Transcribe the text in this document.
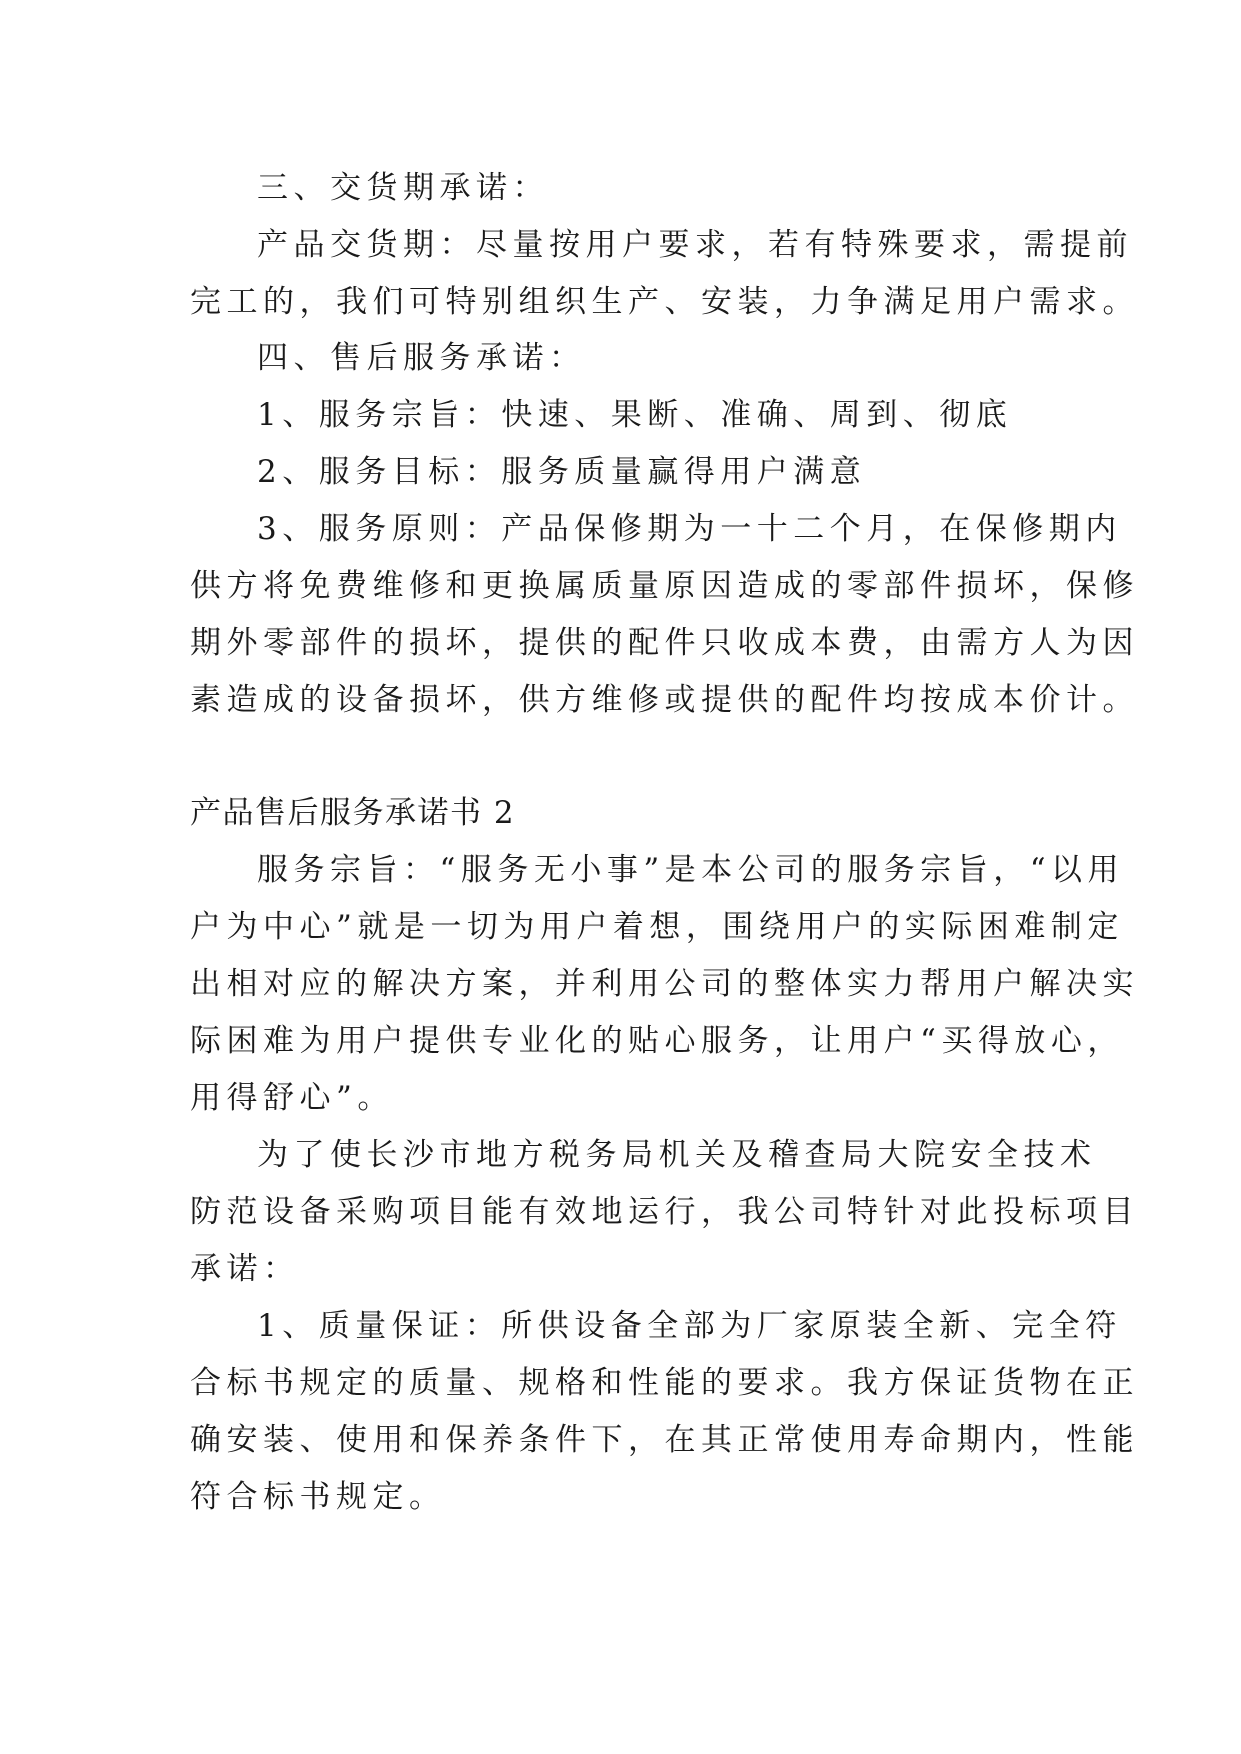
三、交货期承诺：

产品交货期：尽量按用户要求，若有特殊要求，需提前

完工的，我们可特别组织生产、安装，力争满足用户需求。

四、售后服务承诺：

1、服务宗旨：快速、果断、准确、周到、彻底

2、服务目标：服务质量赢得用户满意

3、服务原则：产品保修期为一十二个月，在保修期内

供方将免费维修和更换属质量原因造成的零部件损坏，保修

期外零部件的损坏，提供的配件只收成本费，由需方人为因

素造成的设备损坏，供方维修或提供的配件均按成本价计。

产品售后服务承诺书 2

服务宗旨：“服务无小事”是本公司的服务宗旨，“以用

户为中心”就是一切为用户着想，围绕用户的实际困难制定

出相对应的解决方案，并利用公司的整体实力帮用户解决实

际困难为用户提供专业化的贴心服务，让用户“买得放心，

用得舒心”。

为了使长沙市地方税务局机关及稽查局大院安全技术

防范设备采购项目能有效地运行，我公司特针对此投标项目

承诺：

1、质量保证：所供设备全部为厂家原装全新、完全符

合标书规定的质量、规格和性能的要求。我方保证货物在正

确安装、使用和保养条件下，在其正常使用寿命期内，性能

符合标书规定。
